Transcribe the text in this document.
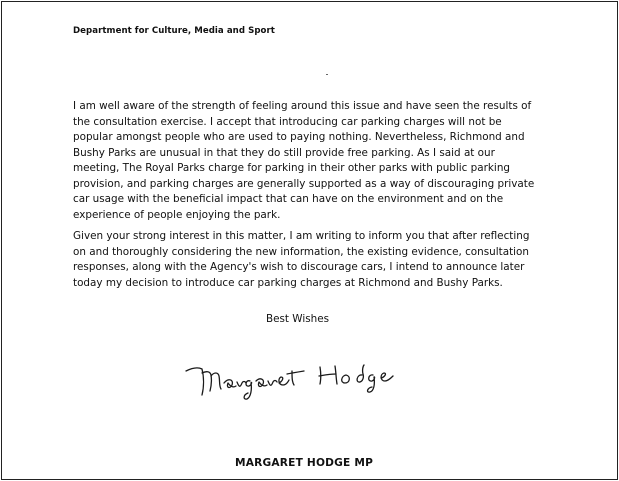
Department for Culture, Media and Sport

I am well aware of the strength of feeling around this issue and have seen the results of
the consultation exercise. I accept that introducing car parking charges will not be
popular amongst people who are used to paying nothing. Nevertheless, Richmond and
Bushy Parks are unusual in that they do still provide free parking. As I said at our
meeting, The Royal Parks charge for parking in their other parks with public parking
provision, and parking charges are generally supported as a way of discouraging private
car usage with the beneficial impact that can have on the environment and on the
experience of people enjoying the park.

Given your strong interest in this matter, I am writing to inform you that after reflecting
on and thoroughly considering the new information, the existing evidence, consultation
responses, along with the Agency's wish to discourage cars, I intend to announce later
today my decision to introduce car parking charges at Richmond and Bushy Parks.

Best Wishes
MARGARET HODGE MP
